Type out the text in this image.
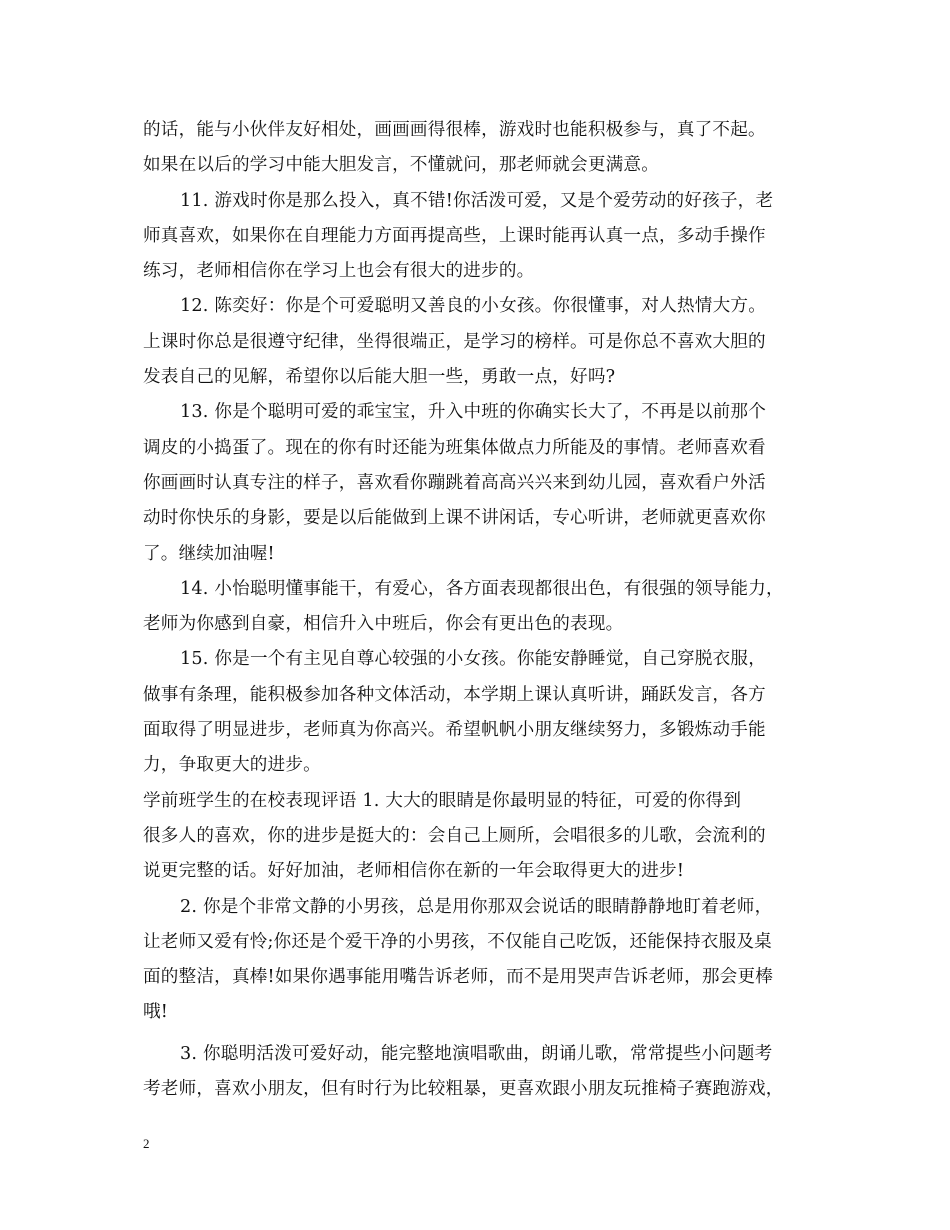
的话，能与小伙伴友好相处，画画画得很棒，游戏时也能积极参与，真了不起。
如果在以后的学习中能大胆发言，不懂就问，那老师就会更满意。
11. 游戏时你是那么投入，真不错!你活泼可爱，又是个爱劳动的好孩子，老
师真喜欢，如果你在自理能力方面再提高些，上课时能再认真一点，多动手操作
练习，老师相信你在学习上也会有很大的进步的。
12. 陈奕好：你是个可爱聪明又善良的小女孩。你很懂事，对人热情大方。
上课时你总是很遵守纪律，坐得很端正，是学习的榜样。可是你总不喜欢大胆的
发表自己的见解，希望你以后能大胆一些，勇敢一点，好吗?
13. 你是个聪明可爱的乖宝宝，升入中班的你确实长大了，不再是以前那个
调皮的小捣蛋了。现在的你有时还能为班集体做点力所能及的事情。老师喜欢看
你画画时认真专注的样子，喜欢看你蹦跳着高高兴兴来到幼儿园，喜欢看户外活
动时你快乐的身影，要是以后能做到上课不讲闲话，专心听讲，老师就更喜欢你
了。继续加油喔!
14. 小怡聪明懂事能干，有爱心，各方面表现都很出色，有很强的领导能力，
老师为你感到自豪，相信升入中班后，你会有更出色的表现。
15. 你是一个有主见自尊心较强的小女孩。你能安静睡觉，自己穿脱衣服，
做事有条理，能积极参加各种文体活动，本学期上课认真听讲，踊跃发言，各方
面取得了明显进步，老师真为你高兴。希望帆帆小朋友继续努力，多锻炼动手能
力，争取更大的进步。
学前班学生的在校表现评语 1. 大大的眼睛是你最明显的特征，可爱的你得到
很多人的喜欢，你的进步是挺大的：会自己上厕所，会唱很多的儿歌，会流利的
说更完整的话。好好加油，老师相信你在新的一年会取得更大的进步!
2. 你是个非常文静的小男孩，总是用你那双会说话的眼睛静静地盯着老师，
让老师又爱有怜;你还是个爱干净的小男孩，不仅能自己吃饭，还能保持衣服及桌
面的整洁，真棒!如果你遇事能用嘴告诉老师，而不是用哭声告诉老师，那会更棒
哦!
3. 你聪明活泼可爱好动，能完整地演唱歌曲，朗诵儿歌，常常提些小问题考
考老师，喜欢小朋友，但有时行为比较粗暴，更喜欢跟小朋友玩推椅子赛跑游戏，
2
